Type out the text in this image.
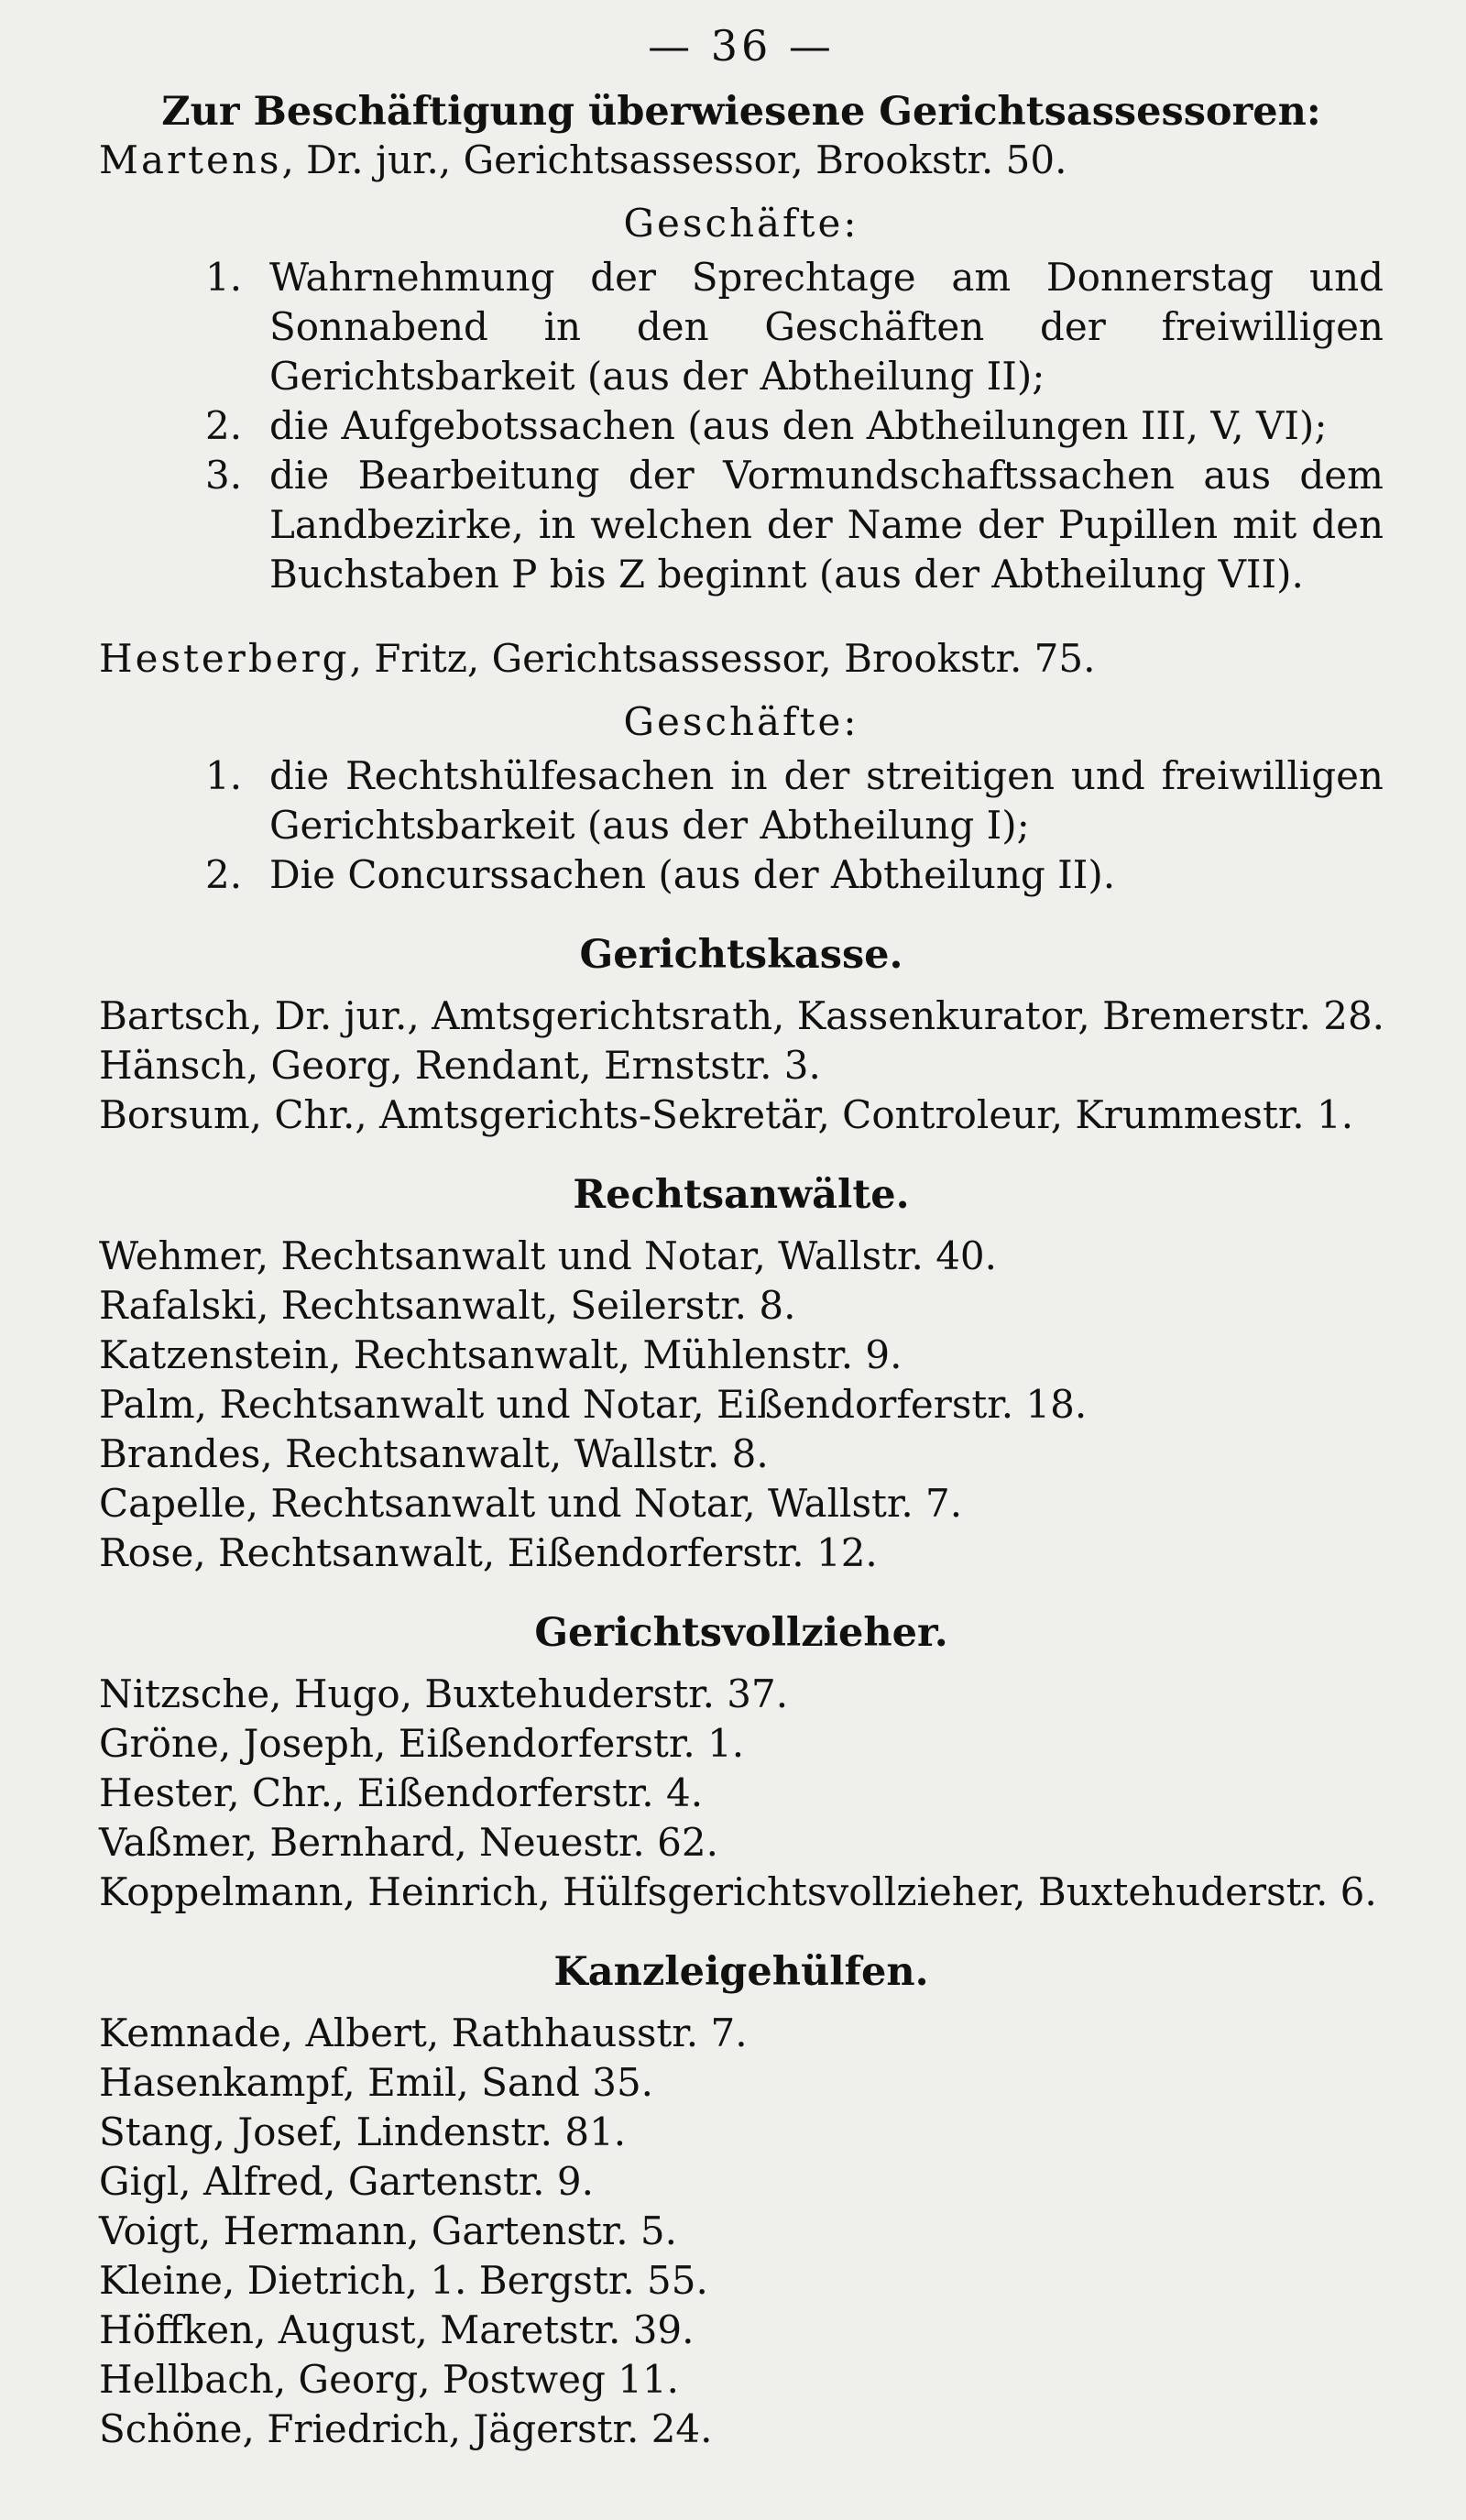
— 36 —
Zur Beschäftigung überwiesene Gerichtsassessoren:

Martens, Dr. jur., Gerichtsassessor, Brookstr. 50.

Geschäfte:
1. Wahrnehmung der Sprechtage am Donnerstag und Sonnabend in den Geschäften der freiwilligen Gerichtsbarkeit (aus der Abtheilung II);
2. die Aufgebotssachen (aus den Abtheilungen III, V, VI);
3. die Bearbeitung der Vormundschaftssachen aus dem Landbezirke, in welchen der Name der Pupillen mit den Buchstaben P bis Z beginnt (aus der Abtheilung VII).

Hesterberg, Fritz, Gerichtsassessor, Brookstr. 75.

Geschäfte:
1. die Rechtshülfesachen in der streitigen und freiwilligen Gerichtsbarkeit (aus der Abtheilung I);
2. Die Concurssachen (aus der Abtheilung II).
Gerichtskasse.

Bartsch, Dr. jur., Amtsgerichtsrath, Kassenkurator, Bremerstr. 28.

Hänsch, Georg, Rendant, Ernststr. 3.

Borsum, Chr., Amtsgerichts-Sekretär, Controleur, Krummestr. 1.

Rechtsanwälte.

Wehmer, Rechtsanwalt und Notar, Wallstr. 40.

Rafalski, Rechtsanwalt, Seilerstr. 8.

Katzenstein, Rechtsanwalt, Mühlenstr. 9.

Palm, Rechtsanwalt und Notar, Eißendorferstr. 18.

Brandes, Rechtsanwalt, Wallstr. 8.

Capelle, Rechtsanwalt und Notar, Wallstr. 7.

Rose, Rechtsanwalt, Eißendorferstr. 12.

Gerichtsvollzieher.

Nitzsche, Hugo, Buxtehuderstr. 37.

Gröne, Joseph, Eißendorferstr. 1.

Hester, Chr., Eißendorferstr. 4.

Vaßmer, Bernhard, Neuestr. 62.

Koppelmann, Heinrich, Hülfsgerichtsvollzieher, Buxtehuderstr. 6.

Kanzleigehülfen.

Kemnade, Albert, Rathhausstr. 7.

Hasenkampf, Emil, Sand 35.

Stang, Josef, Lindenstr. 81.

Gigl, Alfred, Gartenstr. 9.

Voigt, Hermann, Gartenstr. 5.

Kleine, Dietrich, 1. Bergstr. 55.

Höffken, August, Maretstr. 39.

Hellbach, Georg, Postweg 11.

Schöne, Friedrich, Jägerstr. 24.
